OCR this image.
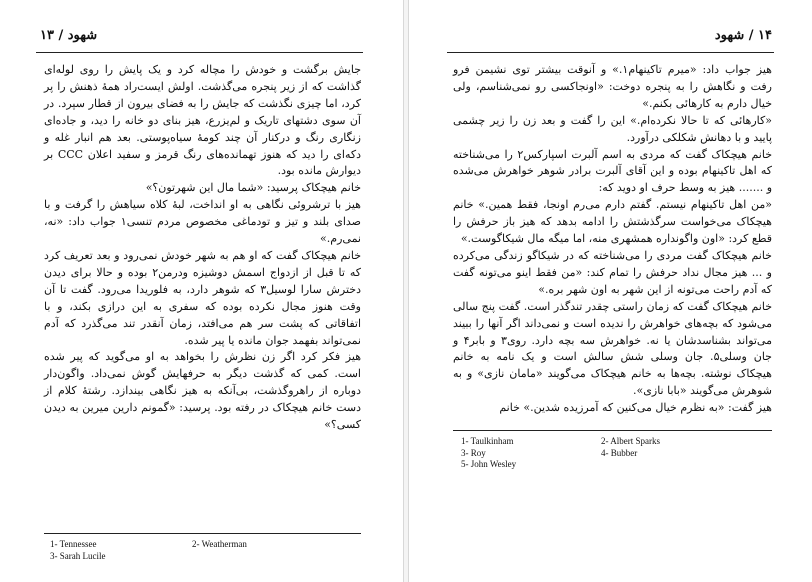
۱۴ / شهود

هیز جواب داد: «میرم تاکینهام۱.» و آنوقت بیشتر توی نشیمن فرو رفت و نگاهش را به پنجره دوخت: «اونجاکسی رو نمی‌شناسم، ولی خیال دارم به کارهائی بکنم.»

«کارهائی که تا حالا نکرده‌ام.» این را گفت و بعد زن را زیر چشمی پایید و با دهانش شکلکی درآورد.

خانم هیچکاک گفت که مردی به اسم آلبرت اسپارکس۲ را می‌شناخته که اهل تاکینهام بوده و این آقای آلبرت برادر شوهر خواهرش می‌شده و ....... هیز به وسط حرف او دوید که:

«من اهل تاکینهام نیستم. گفتم دارم می‌رم اونجا، فقط همین.» خانم هیچکاک می‌خواست سرگذشتش را ادامه بدهد که هیز باز حرفش را قطع کرد: «اون واگونداره همشهری منه، اما میگه مال شیکاگوست.»

خانم هیچکاک گفت مردی را می‌شناخته که در شیکاگو زندگی می‌کرده و ... هیز مجال نداد حرفش را تمام کند: «من فقط اینو می‌تونه گفت که آدم راحت می‌تونه از این شهر به اون شهر بره.»

خانم هیچکاک گفت که زمان راستی چقدر تندگذر است. گفت پنج سالی می‌شود که بچه‌های خواهرش را ندیده است و نمی‌داند اگر آنها را ببیند می‌تواند بشناسدشان یا نه. خواهرش سه بچه دارد. روی۳ و بابر۴ و جان وسلی۵. جان وسلی شش سالش است و یک نامه به خانم هیچکاک نوشته. بچه‌ها به خانم هیچکاک می‌گویند «مامان نازی» و به شوهرش می‌گویند «بابا نازی».

هیز گفت: «به نظرم خیال می‌کنین که آمرزیده شدین.» خانم

1- Taulkinham
3- Roy
5- John Wesley
2- Albert Sparks
4- Bubber
شهود / ۱۳

جایش برگشت و خودش را مچاله کرد و یک پایش را روی لوله‌ای گذاشت که از زیر پنجره می‌گذشت. اولش ایست‌راد همهٔ ذهنش را پر کرد، اما چیزی نگذشت که جایش را به فضای بیرون از قطار سپرد. در آن سوی دشتهای تاریک و لم‌یزرع، هیز بنای دو خانه را دید، و جاده‌ای زنگاری رنگ و درکنار آن چند کومهٔ سیاه‌پوستی. بعد هم انبار غله و دکه‌ای را دید که هنوز تهمانده‌های رنگ قرمز و سفید اعلان CCC بر دیوارش مانده بود.

خانم هیچکاک پرسید: «شما مال این شهرتون؟»

هیز با ترشروئی نگاهی به او انداخت، لبهٔ کلاه سیاهش را گرفت و با صدای بلند و تیز و تودماغی مخصوص مردم تنسی۱ جواب داد: «نه، نمی‌رم.»

خانم هیچکاک گفت که او هم به شهر خودش نمی‌رود و بعد تعریف کرد که تا قبل از ازدواج اسمش دوشیزه ودرمن۲ بوده و حالا برای دیدن دخترش سارا لوسیل۳ که شوهر دارد، به فلوریدا می‌رود. گفت تا آن وقت هنوز مجال نکرده بوده که سفری به این درازی بکند، و با اتفاقاتی که پشت سر هم می‌افتد، زمان آنقدر تند می‌گذرد که آدم نمی‌تواند بفهمد جوان مانده یا پیر شده.

هیز فکر کرد اگر زن نظرش را بخواهد به او می‌گوید که پیر شده است. کمی که گذشت دیگر به حرفهایش گوش نمی‌داد. واگون‌دار دوباره از راهروگذشت، بی‌آنکه به هیز نگاهی بیندازد. رشتهٔ کلام از دست خانم هیچکاک در رفته بود. پرسید: «گمونم دارین میرین به دیدن کسی؟»

1- Tennessee
3- Sarah Lucile
2- Weatherman
